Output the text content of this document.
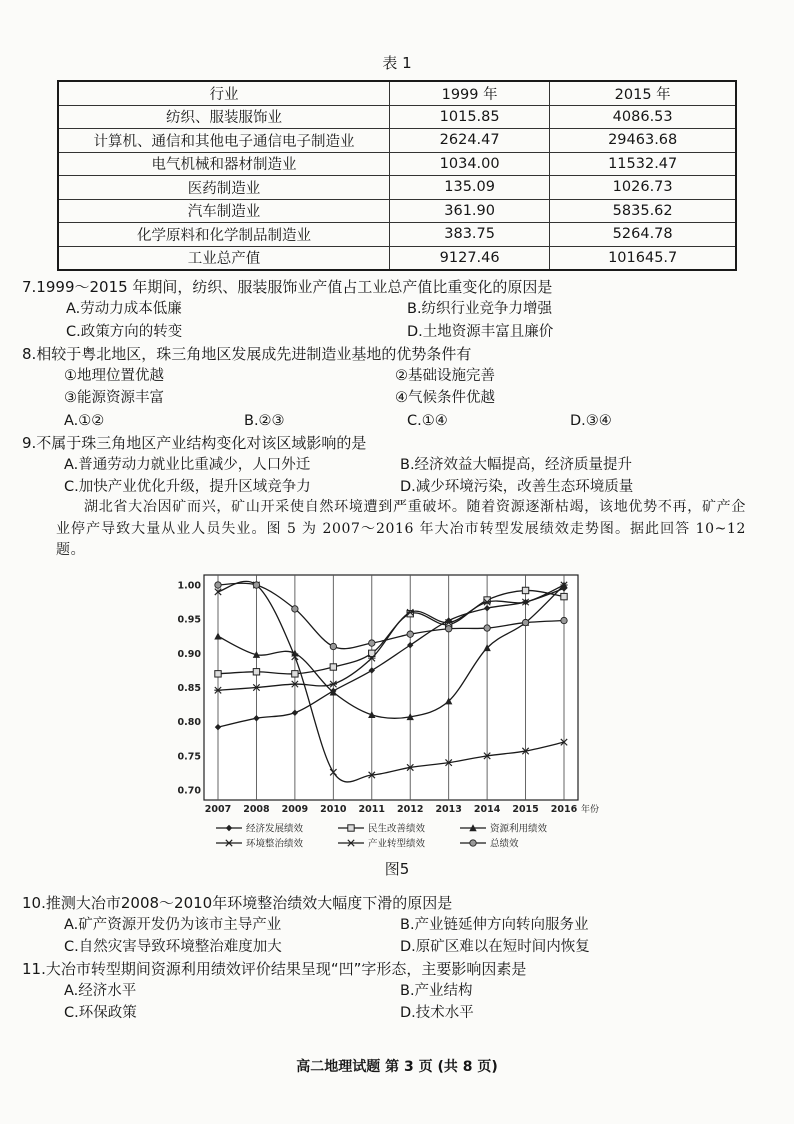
表 1
行业	1999 年	2015 年
纺织、服装服饰业	1015.85	4086.53
计算机、通信和其他电子通信电子制造业	2624.47	29463.68
电气机械和器材制造业	1034.00	11532.47
医药制造业	135.09	1026.73
汽车制造业	361.90	5835.62
化学原料和化学制品制造业	383.75	5264.78
工业总产值	9127.46	101645.7
7.1999～2015 年期间，纺织、服装服饰业产值占工业总产值比重变化的原因是
A.劳动力成本低廉	B.纺织行业竞争力增强
C.政策方向的转变	D.土地资源丰富且廉价
8.相较于粤北地区，珠三角地区发展成先进制造业基地的优势条件有
①地理位置优越	②基础设施完善
③能源资源丰富	④气候条件优越
A.①②	B.②③	C.①④	D.③④
9.不属于珠三角地区产业结构变化对该区域影响的是
A.普通劳动力就业比重减少，人口外迁	B.经济效益大幅提高，经济质量提升
C.加快产业优化升级，提升区域竞争力	D.减少环境污染，改善生态环境质量
湖北省大冶因矿而兴，矿山开采使自然环境遭到严重破坏。随着资源逐渐枯竭，该地优势不再，矿产企业停产导致大量从业人员失业。图 5 为 2007～2016 年大冶市转型发展绩效走势图。据此回答 10~12 题。
0.70
0.75
0.80
0.85
0.90
0.95
1.00
2007 2008 2009 2010 2011 2012 2013 2014 2015 2016 年份
经济发展绩效	民生改善绩效	资源利用绩效
环境整治绩效	产业转型绩效	总绩效
图5
10.推测大冶市2008～2010年环境整治绩效大幅度下滑的原因是
A.矿产资源开发仍为该市主导产业	B.产业链延伸方向转向服务业
C.自然灾害导致环境整治难度加大	D.原矿区难以在短时间内恢复
11.大冶市转型期间资源利用绩效评价结果呈现“凹”字形态，主要影响因素是
A.经济水平	B.产业结构
C.环保政策	D.技术水平
高二地理试题 第 3 页 (共 8 页)
